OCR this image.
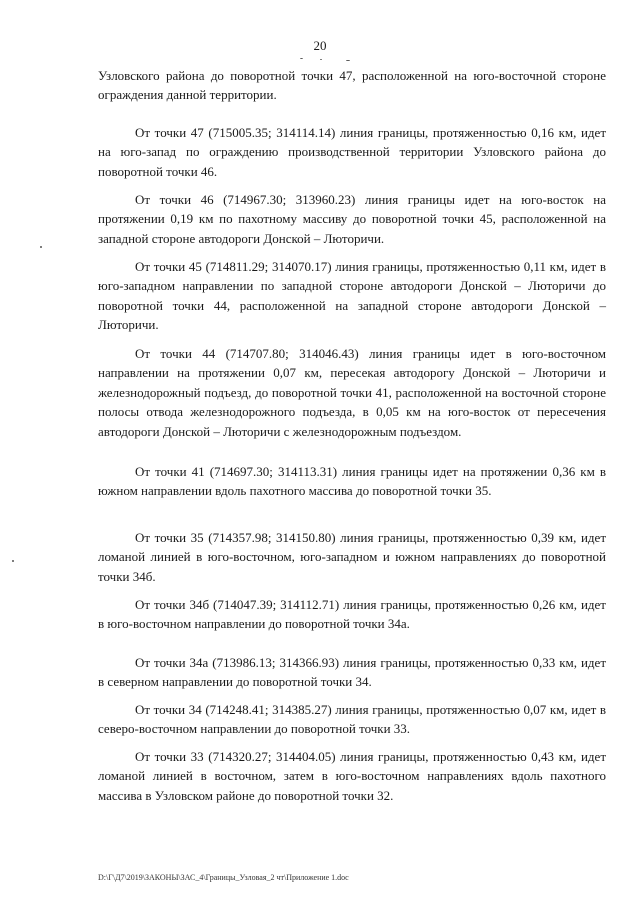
20

Узловского района до поворотной точки 47, расположенной на юго-восточной стороне ограждения данной территории.

От точки 47 (715005.35; 314114.14) линия границы, протяженностью 0,16 км, идет на юго-запад по ограждению производственной территории Узловского района до поворотной точки 46.

От точки 46 (714967.30; 313960.23) линия границы идет на юго-восток на протяжении 0,19 км по пахотному массиву до поворотной точки 45, расположенной на западной стороне автодороги Донской – Люторичи.

От точки 45 (714811.29; 314070.17) линия границы, протяженностью 0,11 км, идет в юго-западном направлении по западной стороне автодороги Донской – Люторичи до поворотной точки 44, расположенной на западной стороне автодороги Донской – Люторичи.

От точки 44 (714707.80; 314046.43) линия границы идет в юго-восточном направлении на протяжении 0,07 км, пересекая автодорогу Донской – Люторичи и железнодорожный подъезд, до поворотной точки 41, расположенной на восточной стороне полосы отвода железнодорожного подъезда, в 0,05 км на юго-восток от пересечения автодороги Донской – Люторичи с железнодорожным подъездом.

От точки 41 (714697.30; 314113.31) линия границы идет на протяжении 0,36 км в южном направлении вдоль пахотного массива до поворотной точки 35.

От точки 35 (714357.98; 314150.80) линия границы, протяженностью 0,39 км, идет ломаной линией в юго-восточном, юго-западном и южном направлениях до поворотной точки 34б.

От точки 34б (714047.39; 314112.71) линия границы, протяженностью 0,26 км, идет в юго-восточном направлении до поворотной точки 34а.

От точки 34а (713986.13; 314366.93) линия границы, протяженностью 0,33 км, идет в северном направлении до поворотной точки 34.

От точки 34 (714248.41; 314385.27) линия границы, протяженностью 0,07 км, идет в северо-восточном направлении до поворотной точки 33.

От точки 33 (714320.27; 314404.05) линия границы, протяженностью 0,43 км, идет ломаной линией в восточном, затем в юго-восточном направлениях вдоль пахотного массива в Узловском районе до поворотной точки 32.

D:\Г\Д7\2019\ЗАКОНЫ\ЗАС_4\Границы_Узловая_2 чт\Приложение 1.doc
